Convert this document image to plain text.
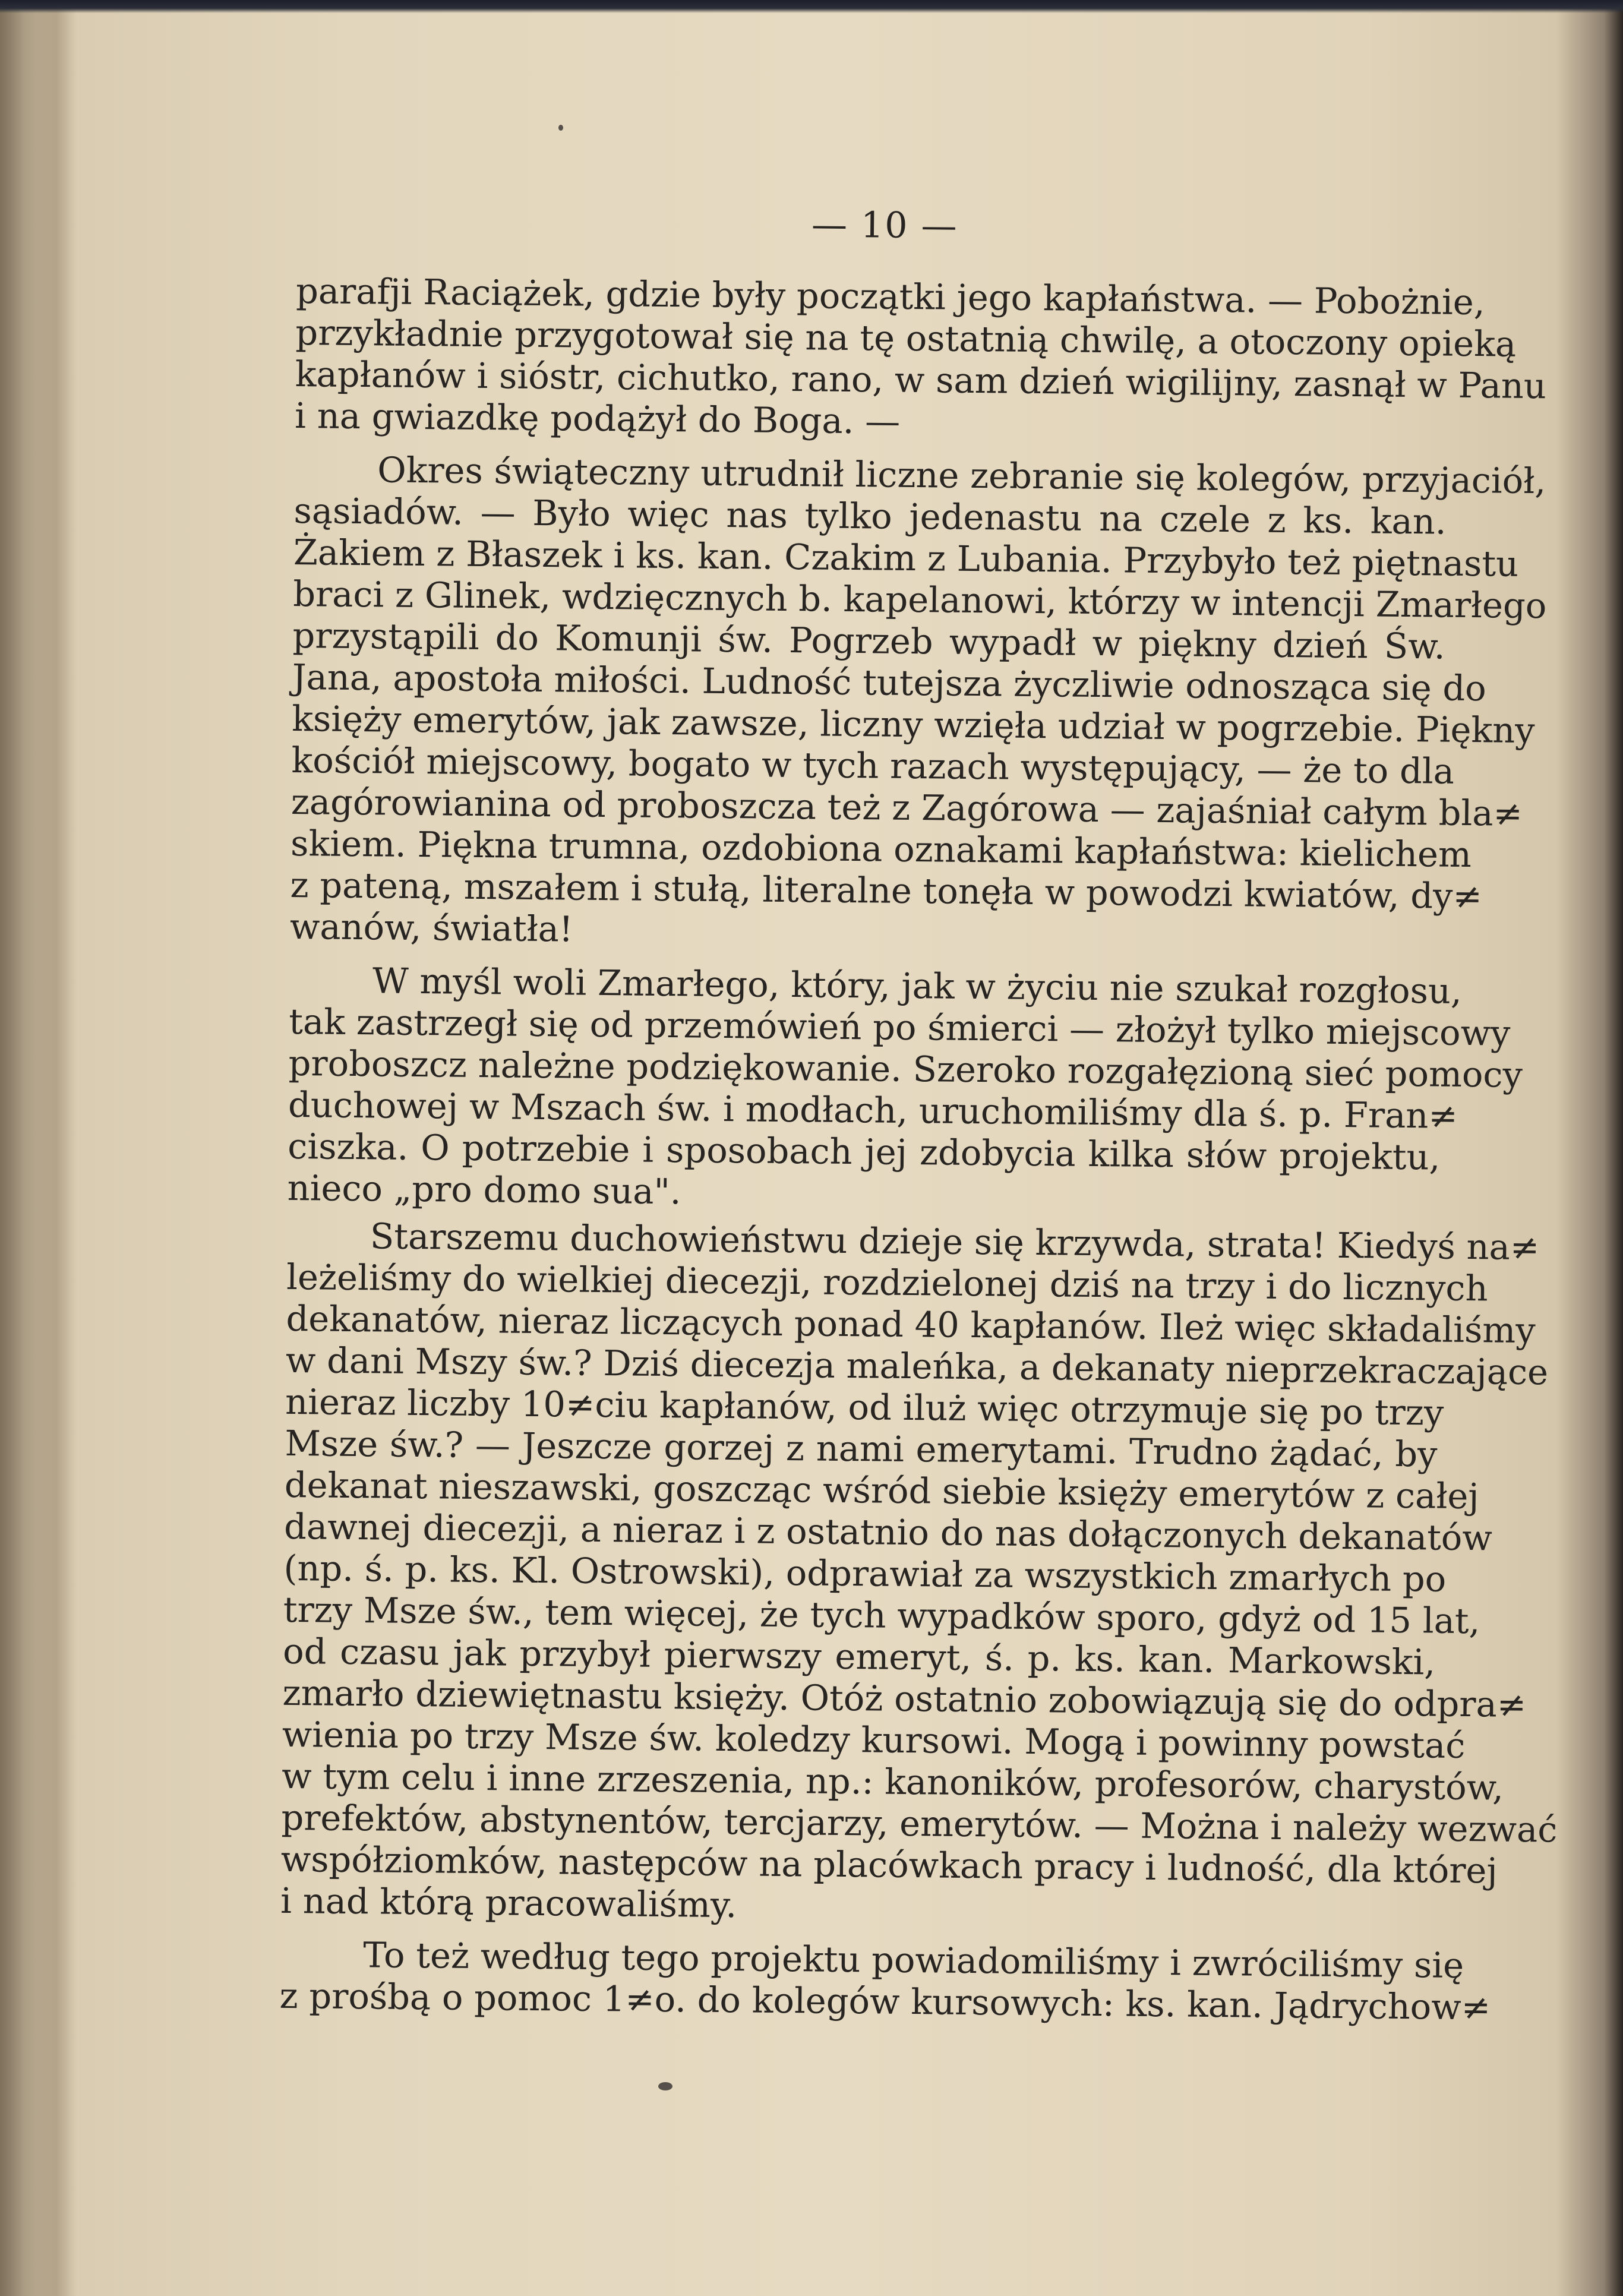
— 10 —
parafji Raciążek, gdzie były początki jego kapłaństwa. — Pobożnie,
przykładnie przygotował się na tę ostatnią chwilę, a otoczony opieką
kapłanów i sióstr, cichutko, rano, w sam dzień wigilijny, zasnął w Panu
i na gwiazdkę podążył do Boga. —
Okres świąteczny utrudnił liczne zebranie się kolegów, przyjaciół,
sąsiadów. — Było więc nas tylko jedenastu na czele z ks. kan.
Żakiem z Błaszek i ks. kan. Czakim z Lubania. Przybyło też piętnastu
braci z Glinek, wdzięcznych b. kapelanowi, którzy w intencji Zmarłego
przystąpili do Komunji św. Pogrzeb wypadł w piękny dzień Św.
Jana, apostoła miłości. Ludność tutejsza życzliwie odnosząca się do
księży emerytów, jak zawsze, liczny wzięła udział w pogrzebie. Piękny
kościół miejscowy, bogato w tych razach występujący, — że to dla
zagórowianina od proboszcza też z Zagórowa — zajaśniał całym bla≠
skiem. Piękna trumna, ozdobiona oznakami kapłaństwa: kielichem
z pateną, mszałem i stułą, literalne tonęła w powodzi kwiatów, dy≠
wanów, światła!
W myśl woli Zmarłego, który, jak w życiu nie szukał rozgłosu,
tak zastrzegł się od przemówień po śmierci — złożył tylko miejscowy
proboszcz należne podziękowanie. Szeroko rozgałęzioną sieć pomocy
duchowej w Mszach św. i modłach, uruchomiliśmy dla ś. p. Fran≠
ciszka. O potrzebie i sposobach jej zdobycia kilka słów projektu,
nieco „pro domo sua".
Starszemu duchowieństwu dzieje się krzywda, strata! Kiedyś na≠
leżeliśmy do wielkiej diecezji, rozdzielonej dziś na trzy i do licznych
dekanatów, nieraz liczących ponad 40 kapłanów. Ileż więc składaliśmy
w dani Mszy św.? Dziś diecezja maleńka, a dekanaty nieprzekraczające
nieraz liczby 10≠ciu kapłanów, od iluż więc otrzymuje się po trzy
Msze św.? — Jeszcze gorzej z nami emerytami. Trudno żądać, by
dekanat nieszawski, goszcząc wśród siebie księży emerytów z całej
dawnej diecezji, a nieraz i z ostatnio do nas dołączonych dekanatów
(np. ś. p. ks. Kl. Ostrowski), odprawiał za wszystkich zmarłych po
trzy Msze św., tem więcej, że tych wypadków sporo, gdyż od 15 lat,
od czasu jak przybył pierwszy emeryt, ś. p. ks. kan. Markowski,
zmarło dziewiętnastu księży. Otóż ostatnio zobowiązują się do odpra≠
wienia po trzy Msze św. koledzy kursowi. Mogą i powinny powstać
w tym celu i inne zrzeszenia, np.: kanoników, profesorów, charystów,
prefektów, abstynentów, tercjarzy, emerytów. — Można i należy wezwać
współziomków, następców na placówkach pracy i ludność, dla której
i nad którą pracowaliśmy.
To też według tego projektu powiadomiliśmy i zwróciliśmy się
z prośbą o pomoc 1≠o. do kolegów kursowych: ks. kan. Jądrychow≠
